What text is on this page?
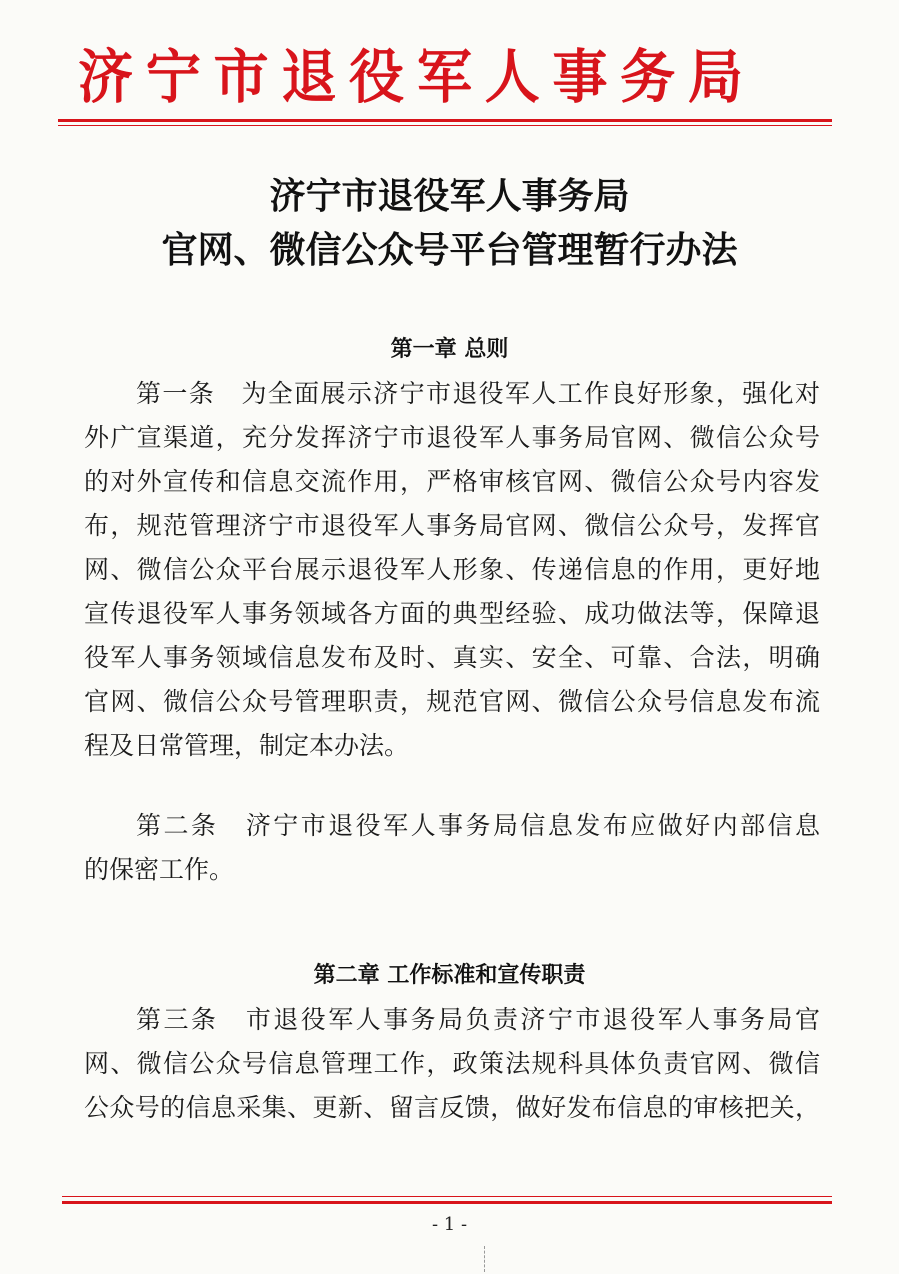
济宁市退役军人事务局
济宁市退役军人事务局
官网、微信公众号平台管理暂行办法
第一章 总则
第一条　为全面展示济宁市退役军人工作良好形象，强化对
外广宣渠道，充分发挥济宁市退役军人事务局官网、微信公众号
的对外宣传和信息交流作用，严格审核官网、微信公众号内容发
布，规范管理济宁市退役军人事务局官网、微信公众号，发挥官
网、微信公众平台展示退役军人形象、传递信息的作用，更好地
宣传退役军人事务领域各方面的典型经验、成功做法等，保障退
役军人事务领域信息发布及时、真实、安全、可靠、合法，明确
官网、微信公众号管理职责，规范官网、微信公众号信息发布流
程及日常管理，制定本办法。
第二条　济宁市退役军人事务局信息发布应做好内部信息
的保密工作。
第二章 工作标准和宣传职责
第三条　市退役军人事务局负责济宁市退役军人事务局官
网、微信公众号信息管理工作，政策法规科具体负责官网、微信
公众号的信息采集、更新、留言反馈，做好发布信息的审核把关，
- 1 -
